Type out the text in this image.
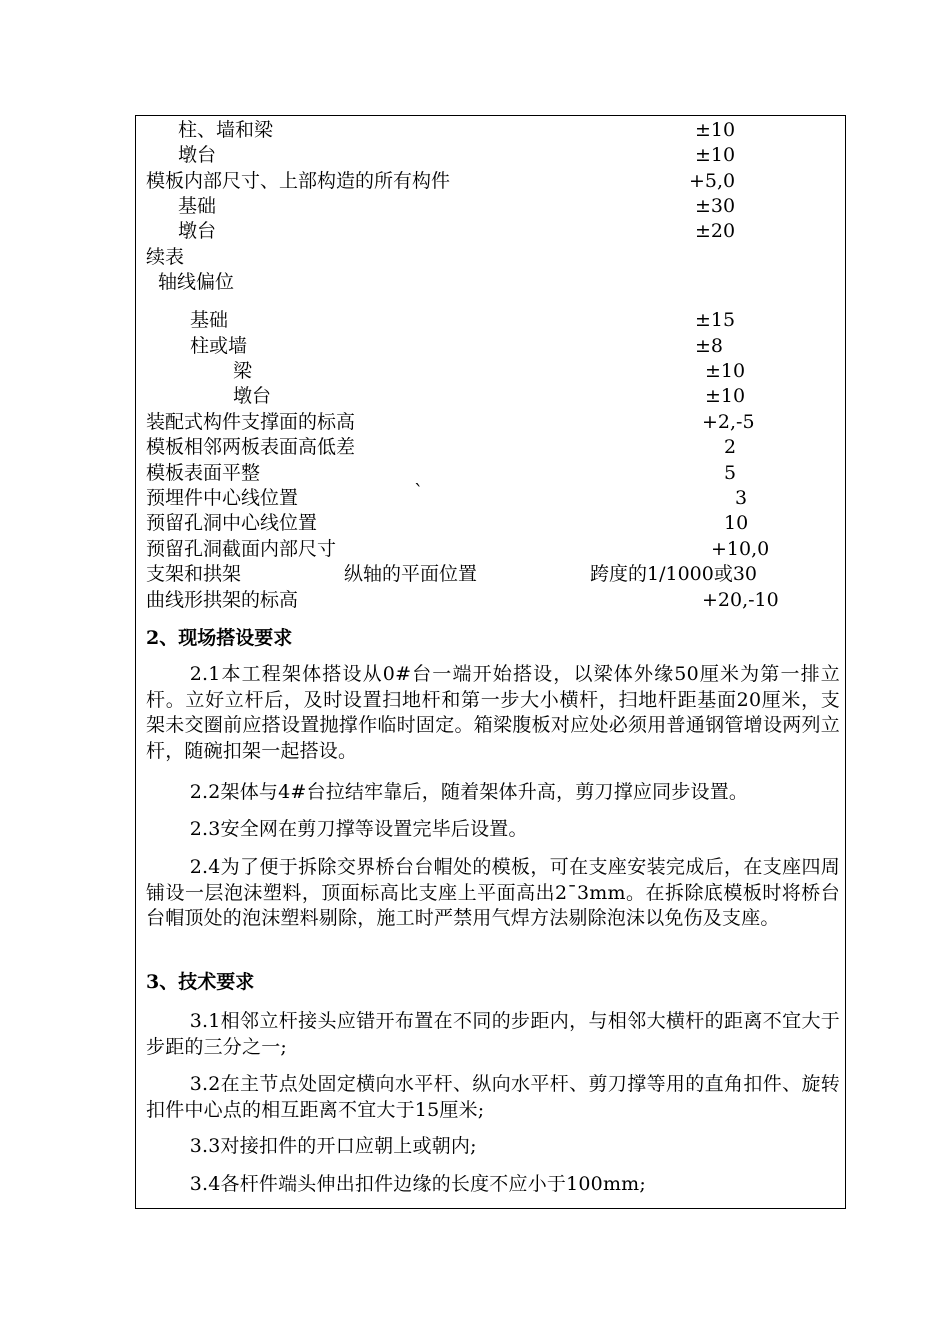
柱、墙和梁	±10
墩台	±10
模板内部尺寸、上部构造的所有构件	+5,0
基础	±30
墩台	±20
续表
轴线偏位
基础	±15
柱或墙	±8
梁	±10
墩台	±10
装配式构件支撑面的标高	+2,-5
模板相邻两板表面高低差	2
模板表面平整	5
预埋件中心线位置	`	3
预留孔洞中心线位置	10
预留孔洞截面内部尺寸	+10,0
支架和拱架	纵轴的平面位置	跨度的1/1000或30
曲线形拱架的标高	+20,-10
2、现场搭设要求
2.1本工程架体搭设从0#台一端开始搭设，以梁体外缘50厘米为第一排立杆。立好立杆后，及时设置扫地杆和第一步大小横杆，扫地杆距基面20厘米，支架未交圈前应搭设置抛撑作临时固定。箱梁腹板对应处必须用普通钢管增设两列立杆，随碗扣架一起搭设。
2.2架体与4#台拉结牢靠后，随着架体升高，剪刀撑应同步设置。
2.3安全网在剪刀撑等设置完毕后设置。
2.4为了便于拆除交界桥台台帽处的模板，可在支座安装完成后，在支座四周铺设一层泡沫塑料，顶面标高比支座上平面高出2¯3mm。在拆除底模板时将桥台台帽顶处的泡沫塑料剔除，施工时严禁用气焊方法剔除泡沫以免伤及支座。
3、技术要求
3.1相邻立杆接头应错开布置在不同的步距内，与相邻大横杆的距离不宜大于步距的三分之一;
3.2在主节点处固定横向水平杆、纵向水平杆、剪刀撑等用的直角扣件、旋转扣件中心点的相互距离不宜大于15厘米;
3.3对接扣件的开口应朝上或朝内;
3.4各杆件端头伸出扣件边缘的长度不应小于100mm;
